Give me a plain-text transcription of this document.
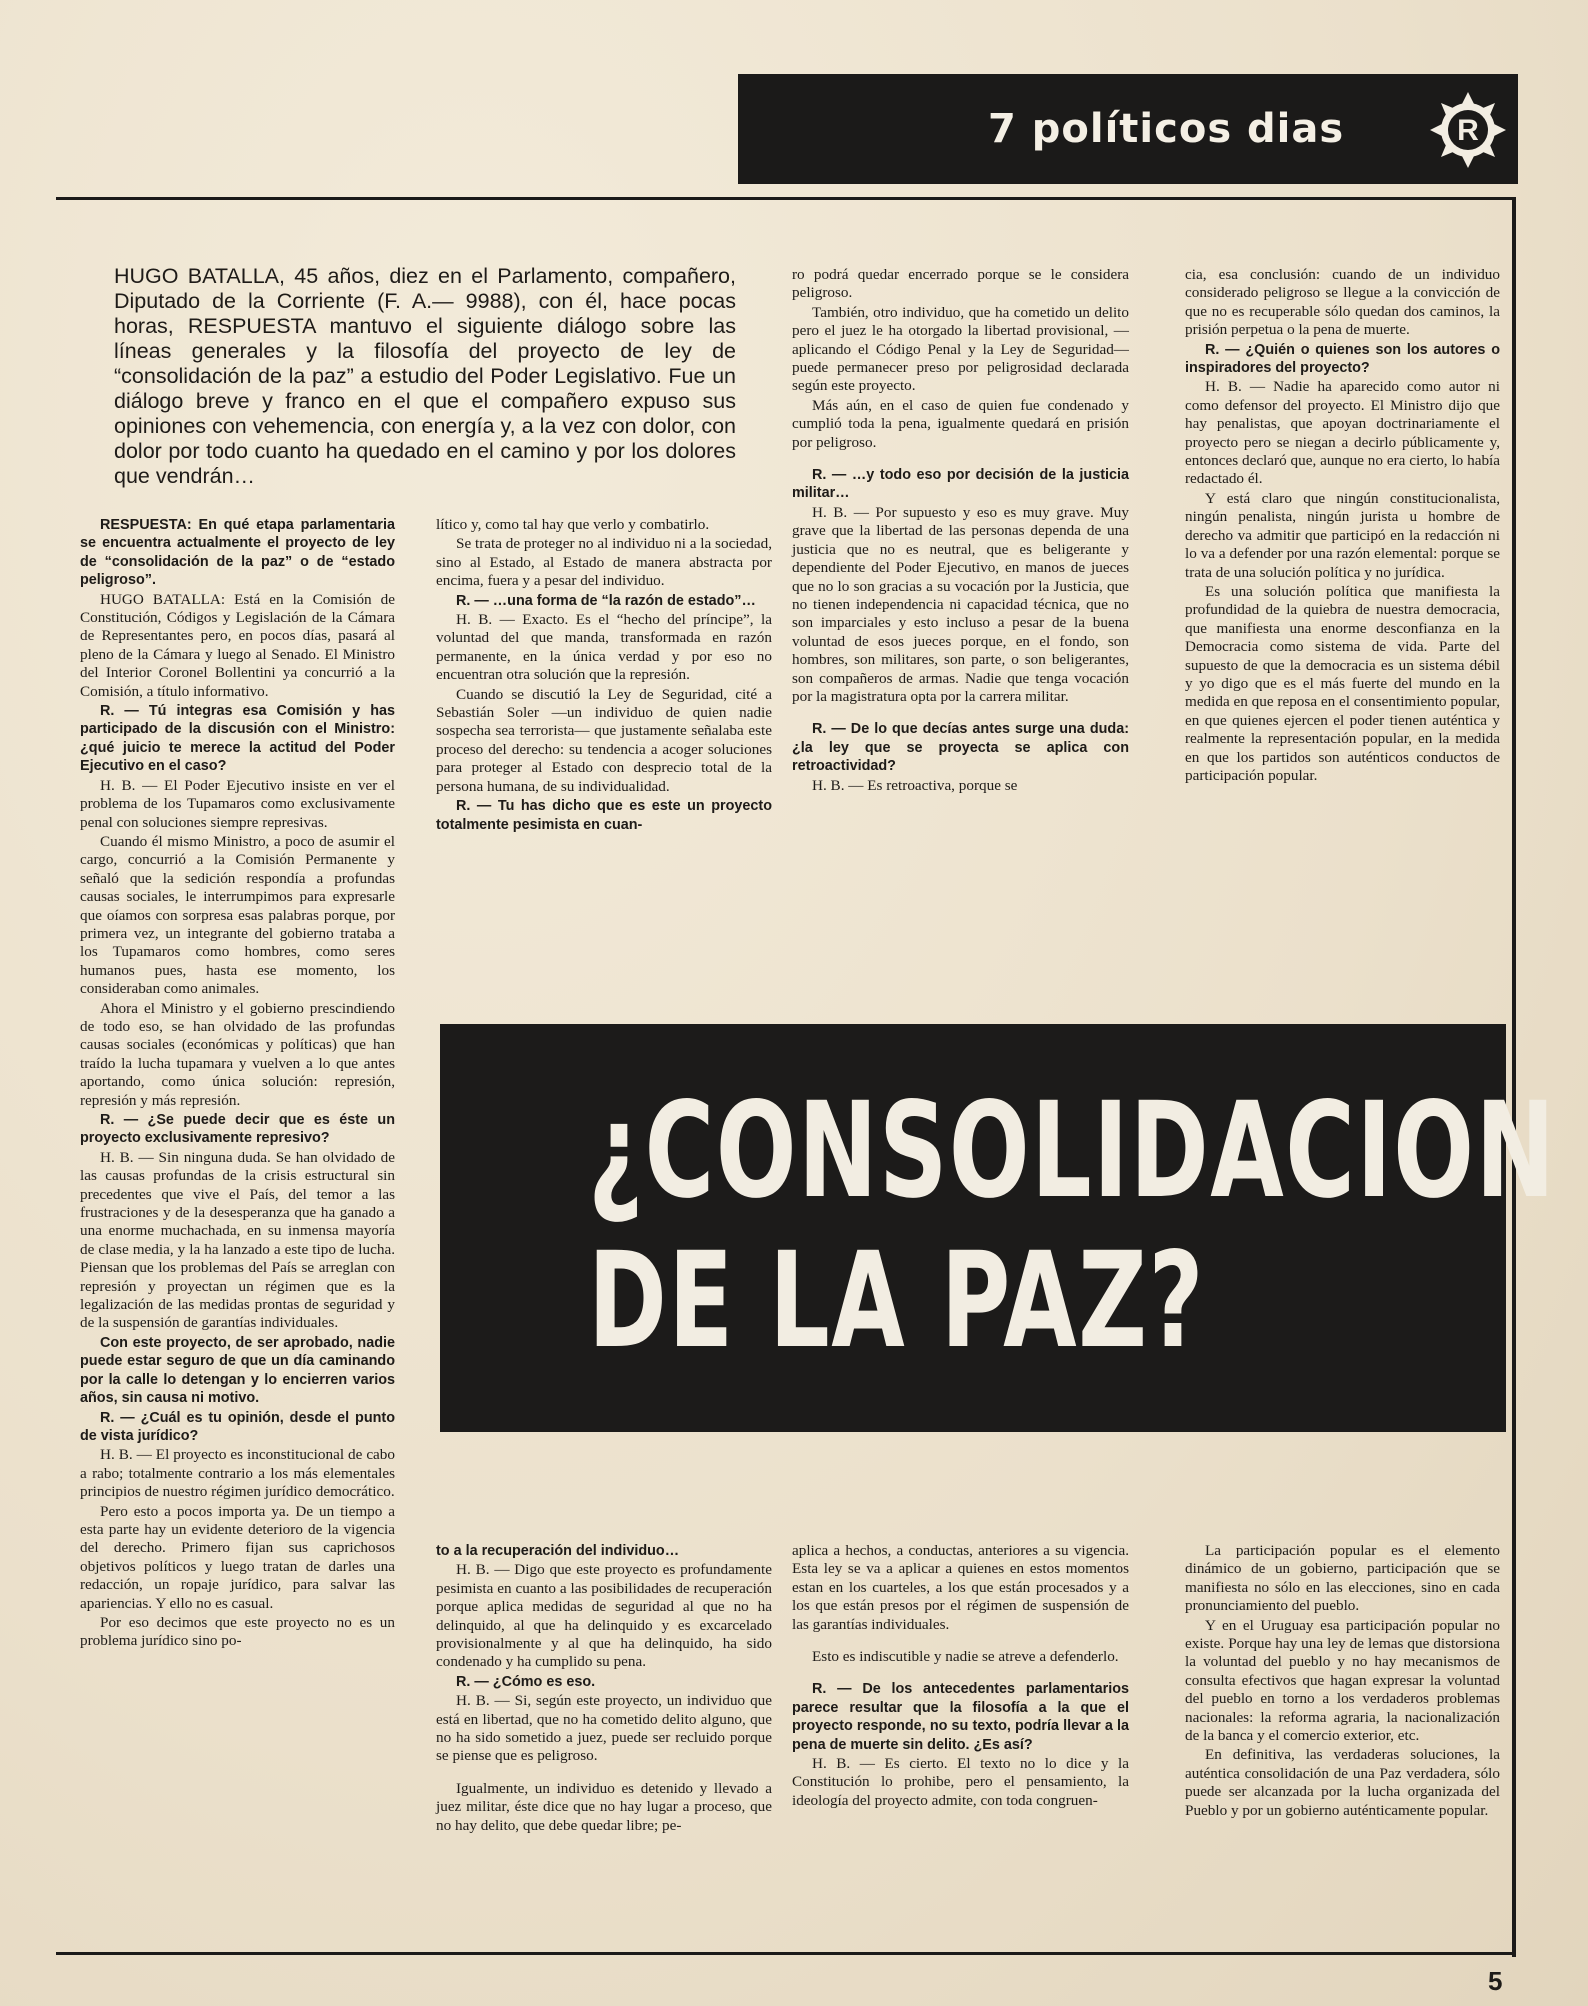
7 políticos dias	R

HUGO BATALLA, 45 años, diez en el Parlamento, compañero, Diputado de la Corriente (F. A.— 9988), con él, hace pocas horas, RESPUESTA mantuvo el siguiente diálogo sobre las líneas generales y la filosofía del proyecto de ley de “consolidación de la paz” a estudio del Poder Legislativo. Fue un diálogo breve y franco en el que el compañero expuso sus opiniones con vehemencia, con energía y, a la vez con dolor, con dolor por todo cuanto ha quedado en el camino y por los dolores que vendrán…

RESPUESTA: En qué etapa parlamentaria se encuentra actualmente el proyecto de ley de “consolidación de la paz” o de “estado peligroso”.

HUGO BATALLA: Está en la Comisión de Constitución, Códigos y Legislación de la Cámara de Representantes pero, en pocos días, pasará al pleno de la Cámara y luego al Senado. El Ministro del Interior Coronel Bollentini ya concurrió a la Comisión, a título informativo.

R. — Tú integras esa Comisión y has participado de la discusión con el Ministro: ¿qué juicio te merece la actitud del Poder Ejecutivo en el caso?

H. B. — El Poder Ejecutivo insiste en ver el problema de los Tupamaros como exclusivamente penal con soluciones siempre represivas.

Cuando él mismo Ministro, a poco de asumir el cargo, concurrió a la Comisión Permanente y señaló que la sedición respondía a profundas causas sociales, le interrumpimos para expresarle que oíamos con sorpresa esas palabras porque, por primera vez, un integrante del gobierno trataba a los Tupamaros como hombres, como seres humanos pues, hasta ese momento, los consideraban como animales.

Ahora el Ministro y el gobierno prescindiendo de todo eso, se han olvidado de las profundas causas sociales (económicas y políticas) que han traído la lucha tupamara y vuelven a lo que antes aportando, como única solución: represión, represión y más represión.

R. — ¿Se puede decir que es éste un proyecto exclusivamente represivo?

H. B. — Sin ninguna duda. Se han olvidado de las causas profundas de la crisis estructural sin precedentes que vive el País, del temor a las frustraciones y de la desesperanza que ha ganado a una enorme muchachada, en su inmensa mayoría de clase media, y la ha lanzado a este tipo de lucha. Piensan que los problemas del País se arreglan con represión y proyectan un régimen que es la legalización de las medidas prontas de seguridad y de la suspensión de garantías individuales.

Con este proyecto, de ser aprobado, nadie puede estar seguro de que un día caminando por la calle lo detengan y lo encierren varios años, sin causa ni motivo.

R. — ¿Cuál es tu opinión, desde el punto de vista jurídico?

H. B. — El proyecto es inconstitucional de cabo a rabo; totalmente contrario a los más elementales principios de nuestro régimen jurídico democrático.

Pero esto a pocos importa ya. De un tiempo a esta parte hay un evidente deterioro de la vigencia del derecho. Primero fijan sus caprichosos objetivos políticos y luego tratan de darles una redacción, un ropaje jurídico, para salvar las apariencias. Y ello no es casual.

Por eso decimos que este proyecto no es un problema jurídico sino po-

lítico y, como tal hay que verlo y combatirlo.

Se trata de proteger no al individuo ni a la sociedad, sino al Estado, al Estado de manera abstracta por encima, fuera y a pesar del individuo.

R. — …una forma de “la razón de estado”…

H. B. — Exacto. Es el “hecho del príncipe”, la voluntad del que manda, transformada en razón permanente, en la única verdad y por eso no encuentran otra solución que la represión.

Cuando se discutió la Ley de Seguridad, cité a Sebastián Soler —un individuo de quien nadie sospecha sea terrorista— que justamente señalaba este proceso del derecho: su tendencia a acoger soluciones para proteger al Estado con desprecio total de la persona humana, de su individualidad.

R. — Tu has dicho que es este un proyecto totalmente pesimista en cuan-

ro podrá quedar encerrado porque se le considera peligroso.

También, otro individuo, que ha cometido un delito pero el juez le ha otorgado la libertad provisional, —aplicando el Código Penal y la Ley de Seguridad— puede permanecer preso por peligrosidad declarada según este proyecto.

Más aún, en el caso de quien fue condenado y cumplió toda la pena, igualmente quedará en prisión por peligroso.

R. — …y todo eso por decisión de la justicia militar…

H. B. — Por supuesto y eso es muy grave. Muy grave que la libertad de las personas dependa de una justicia que no es neutral, que es beligerante y dependiente del Poder Ejecutivo, en manos de jueces que no lo son gracias a su vocación por la Justicia, que no tienen independencia ni capacidad técnica, que no son imparciales y esto incluso a pesar de la buena voluntad de esos jueces porque, en el fondo, son hombres, son militares, son parte, o son beligerantes, son compañeros de armas. Nadie que tenga vocación por la magistratura opta por la carrera militar.

R. — De lo que decías antes surge una duda: ¿la ley que se proyecta se aplica con retroactividad?

H. B. — Es retroactiva, porque se

cia, esa conclusión: cuando de un individuo considerado peligroso se llegue a la convicción de que no es recuperable sólo quedan dos caminos, la prisión perpetua o la pena de muerte.

R. — ¿Quién o quienes son los autores o inspiradores del proyecto?

H. B. — Nadie ha aparecido como autor ni como defensor del proyecto. El Ministro dijo que hay penalistas, que apoyan doctrinariamente el proyecto pero se niegan a decirlo públicamente y, entonces declaró que, aunque no era cierto, lo había redactado él.

Y está claro que ningún constitucionalista, ningún penalista, ningún jurista u hombre de derecho va admitir que participó en la redacción ni lo va a defender por una razón elemental: porque se trata de una solución política y no jurídica.

Es una solución política que manifiesta la profundidad de la quiebra de nuestra democracia, que manifiesta una enorme desconfianza en la Democracia como sistema de vida. Parte del supuesto de que la democracia es un sistema débil y yo digo que es el más fuerte del mundo en la medida en que reposa en el consentimiento popular, en que quienes ejercen el poder tienen auténtica y realmente la representación popular, en la medida en que los partidos son auténticos conductos de participación popular.

¿CONSOLIDACION
DE LA PAZ?

to a la recuperación del individuo…

H. B. — Digo que este proyecto es profundamente pesimista en cuanto a las posibilidades de recuperación porque aplica medidas de seguridad al que no ha delinquido, al que ha delinquido y es excarcelado provisionalmente y al que ha delinquido, ha sido condenado y ha cumplido su pena.

R. — ¿Cómo es eso.

H. B. — Si, según este proyecto, un individuo que está en libertad, que no ha cometido delito alguno, que no ha sido sometido a juez, puede ser recluido porque se piense que es peligroso.

Igualmente, un individuo es detenido y llevado a juez militar, éste dice que no hay lugar a proceso, que no hay delito, que debe quedar libre; pe-

aplica a hechos, a conductas, anteriores a su vigencia. Esta ley se va a aplicar a quienes en estos momentos estan en los cuarteles, a los que están procesados y a los que están presos por el régimen de suspensión de las garantías individuales.

Esto es indiscutible y nadie se atreve a defenderlo.

R. — De los antecedentes parlamentarios parece resultar que la filosofía a la que el proyecto responde, no su texto, podría llevar a la pena de muerte sin delito. ¿Es así?

H. B. — Es cierto. El texto no lo dice y la Constitución lo prohibe, pero el pensamiento, la ideología del proyecto admite, con toda congruen-

La participación popular es el elemento dinámico de un gobierno, participación que se manifiesta no sólo en las elecciones, sino en cada pronunciamiento del pueblo.

Y en el Uruguay esa participación popular no existe. Porque hay una ley de lemas que distorsiona la voluntad del pueblo y no hay mecanismos de consulta efectivos que hagan expresar la voluntad del pueblo en torno a los verdaderos problemas nacionales: la reforma agraria, la nacionalización de la banca y el comercio exterior, etc.

En definitiva, las verdaderas soluciones, la auténtica consolidación de una Paz verdadera, sólo puede ser alcanzada por la lucha organizada del Pueblo y por un gobierno auténticamente popular.

5
